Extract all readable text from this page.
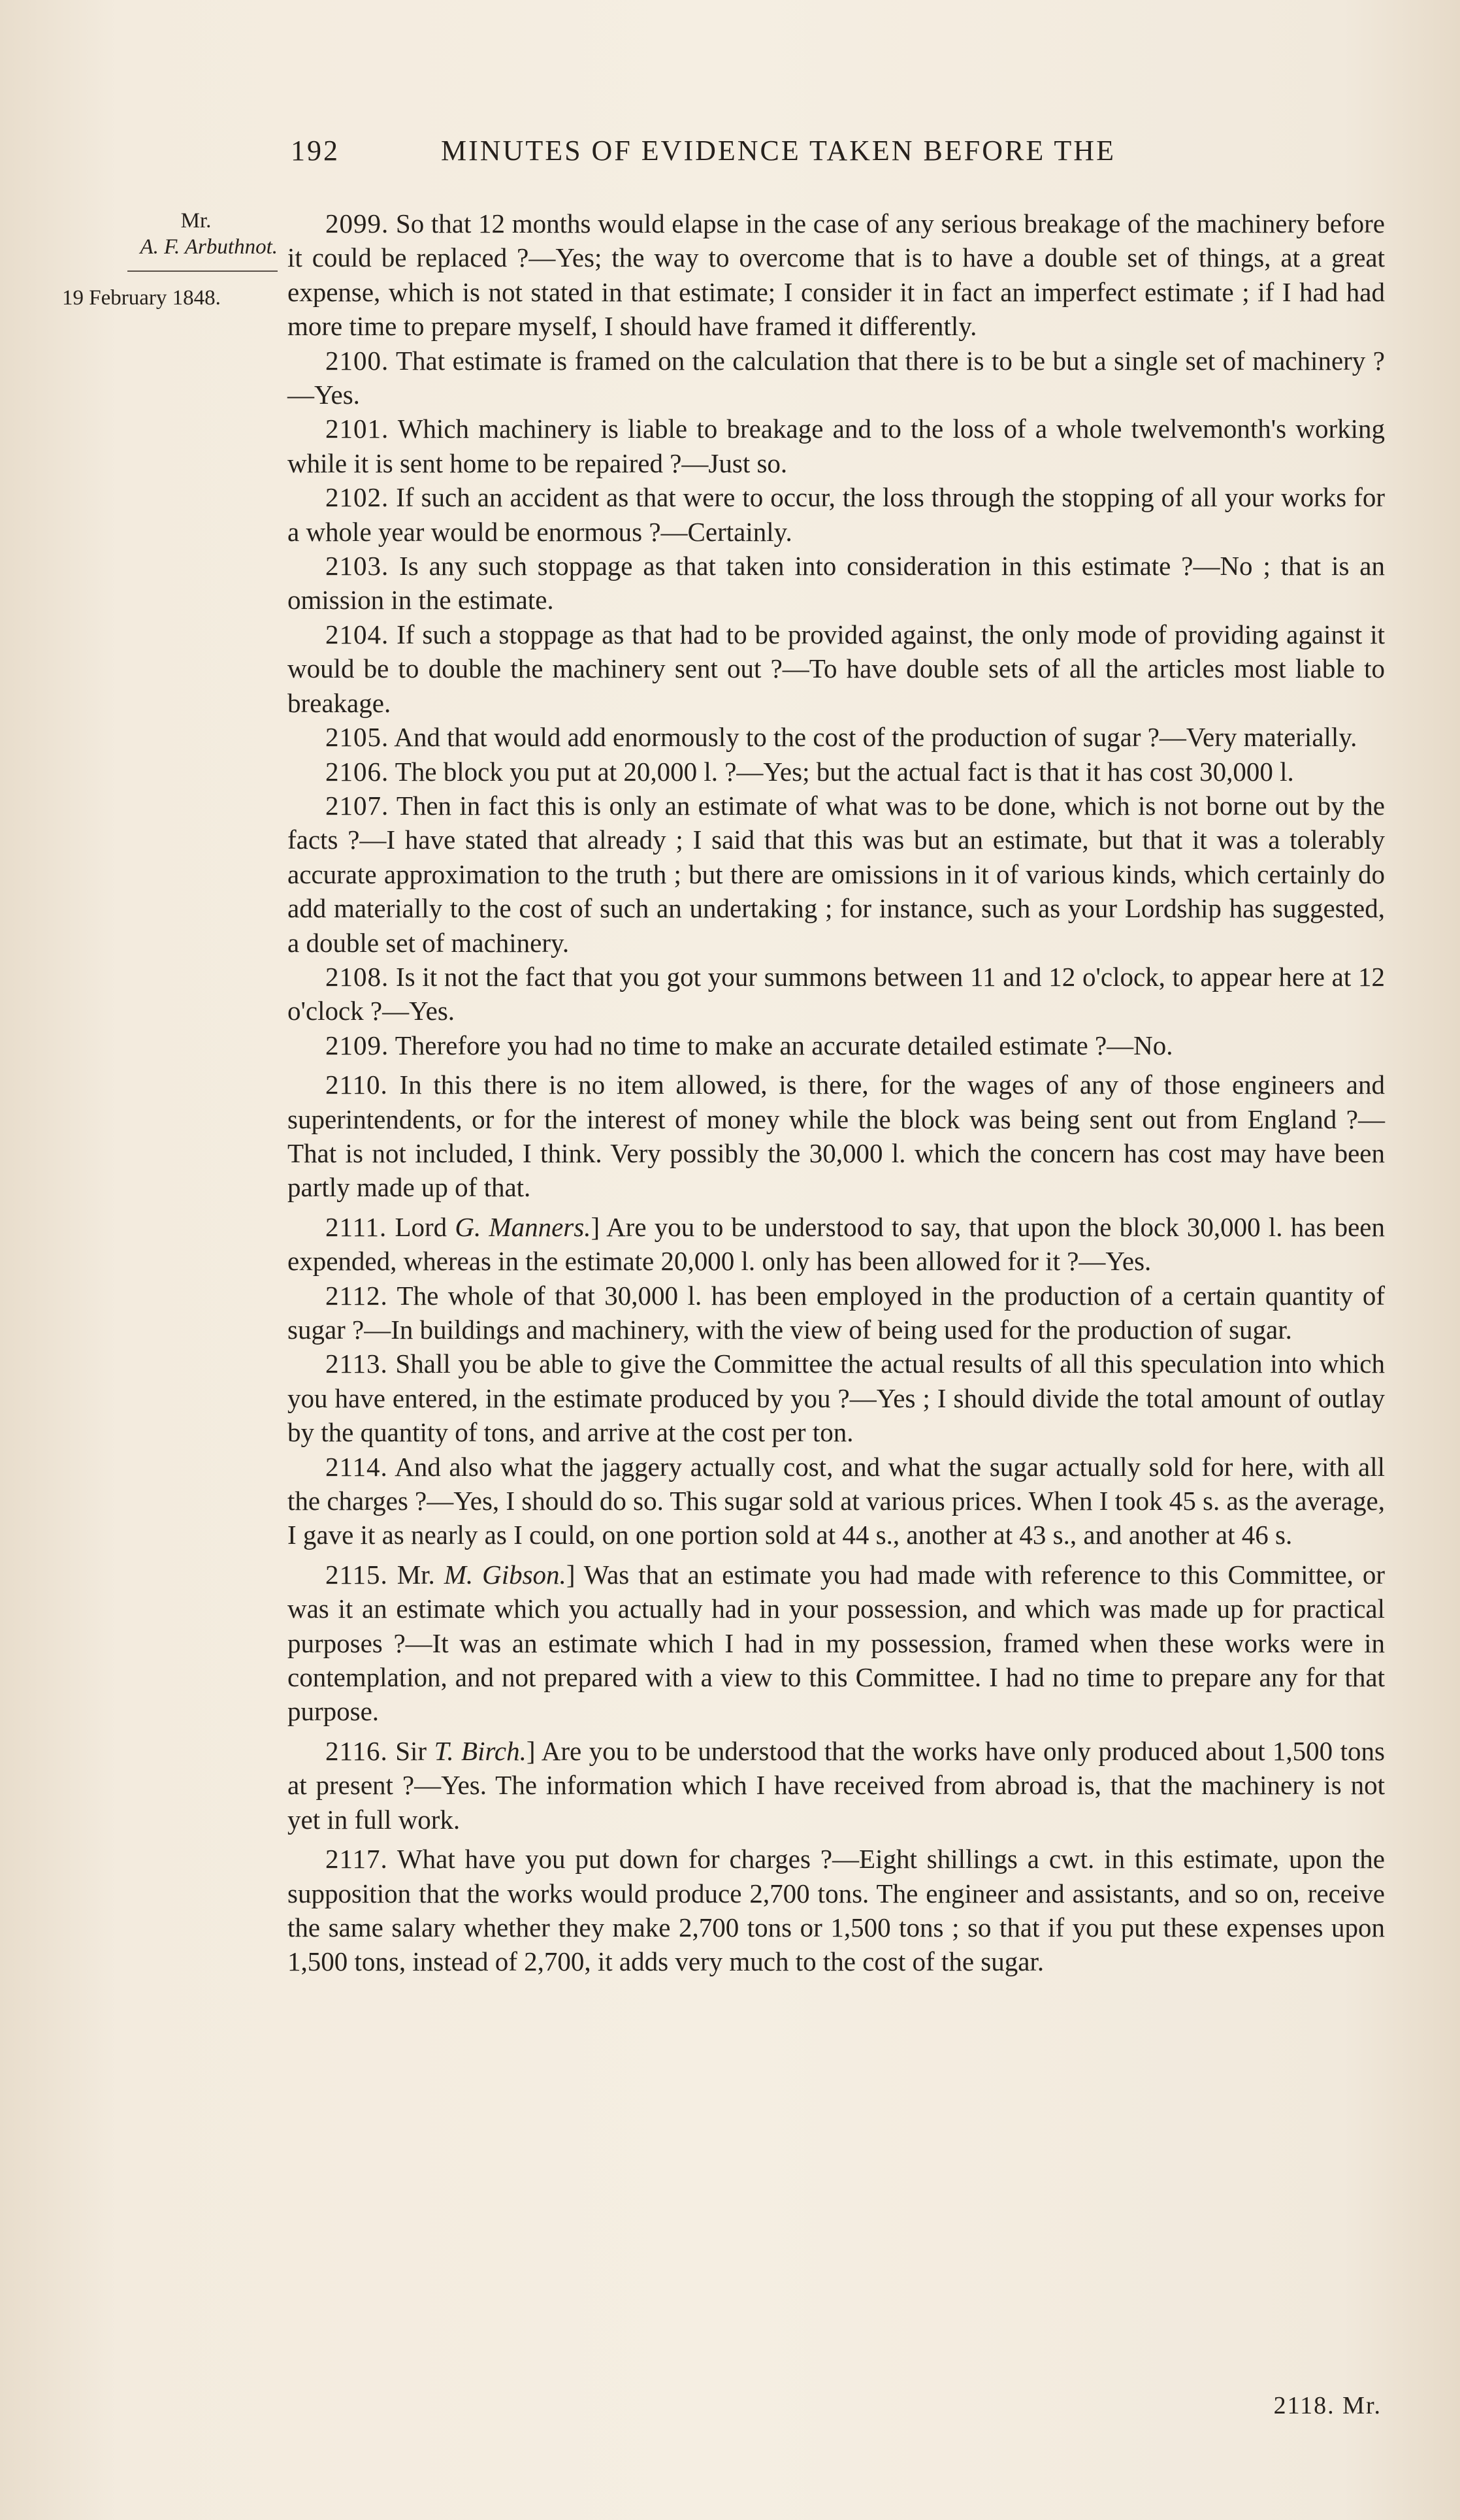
192	MINUTES OF EVIDENCE TAKEN BEFORE THE
Mr.
A. F. Arbuthnot.
19 February 1848.

2099. So that 12 months would elapse in the case of any serious breakage of the machinery before it could be replaced ?—Yes; the way to overcome that is to have a double set of things, at a great expense, which is not stated in that estimate; I consider it in fact an imperfect estimate ; if I had had more time to prepare myself, I should have framed it differently.

2100. That estimate is framed on the calculation that there is to be but a single set of machinery ?—Yes.

2101. Which machinery is liable to breakage and to the loss of a whole twelvemonth's working while it is sent home to be repaired ?—Just so.

2102. If such an accident as that were to occur, the loss through the stopping of all your works for a whole year would be enormous ?—Certainly.

2103. Is any such stoppage as that taken into consideration in this estimate ?—No ; that is an omission in the estimate.

2104. If such a stoppage as that had to be provided against, the only mode of providing against it would be to double the machinery sent out ?—To have double sets of all the articles most liable to breakage.

2105. And that would add enormously to the cost of the production of sugar ?—Very materially.

2106. The block you put at 20,000 l. ?—Yes; but the actual fact is that it has cost 30,000 l.

2107. Then in fact this is only an estimate of what was to be done, which is not borne out by the facts ?—I have stated that already ; I said that this was but an estimate, but that it was a tolerably accurate approximation to the truth ; but there are omissions in it of various kinds, which certainly do add materially to the cost of such an undertaking ; for instance, such as your Lordship has suggested, a double set of machinery.

2108. Is it not the fact that you got your summons between 11 and 12 o'clock, to appear here at 12 o'clock ?—Yes.

2109. Therefore you had no time to make an accurate detailed estimate ?—No.

2110. In this there is no item allowed, is there, for the wages of any of those engineers and superintendents, or for the interest of money while the block was being sent out from England ?—That is not included, I think. Very possibly the 30,000 l. which the concern has cost may have been partly made up of that.

2111. Lord G. Manners.] Are you to be understood to say, that upon the block 30,000 l. has been expended, whereas in the estimate 20,000 l. only has been allowed for it ?—Yes.

2112. The whole of that 30,000 l. has been employed in the production of a certain quantity of sugar ?—In buildings and machinery, with the view of being used for the production of sugar.

2113. Shall you be able to give the Committee the actual results of all this speculation into which you have entered, in the estimate produced by you ?—Yes ; I should divide the total amount of outlay by the quantity of tons, and arrive at the cost per ton.

2114. And also what the jaggery actually cost, and what the sugar actually sold for here, with all the charges ?—Yes, I should do so. This sugar sold at various prices. When I took 45 s. as the average, I gave it as nearly as I could, on one portion sold at 44 s., another at 43 s., and another at 46 s.

2115. Mr. M. Gibson.] Was that an estimate you had made with reference to this Committee, or was it an estimate which you actually had in your possession, and which was made up for practical purposes ?—It was an estimate which I had in my possession, framed when these works were in contemplation, and not prepared with a view to this Committee. I had no time to prepare any for that purpose.

2116. Sir T. Birch.] Are you to be understood that the works have only produced about 1,500 tons at present ?—Yes. The information which I have received from abroad is, that the machinery is not yet in full work.

2117. What have you put down for charges ?—Eight shillings a cwt. in this estimate, upon the supposition that the works would produce 2,700 tons. The engineer and assistants, and so on, receive the same salary whether they make 2,700 tons or 1,500 tons ; so that if you put these expenses upon 1,500 tons, instead of 2,700, it adds very much to the cost of the sugar.

2118. Mr.
